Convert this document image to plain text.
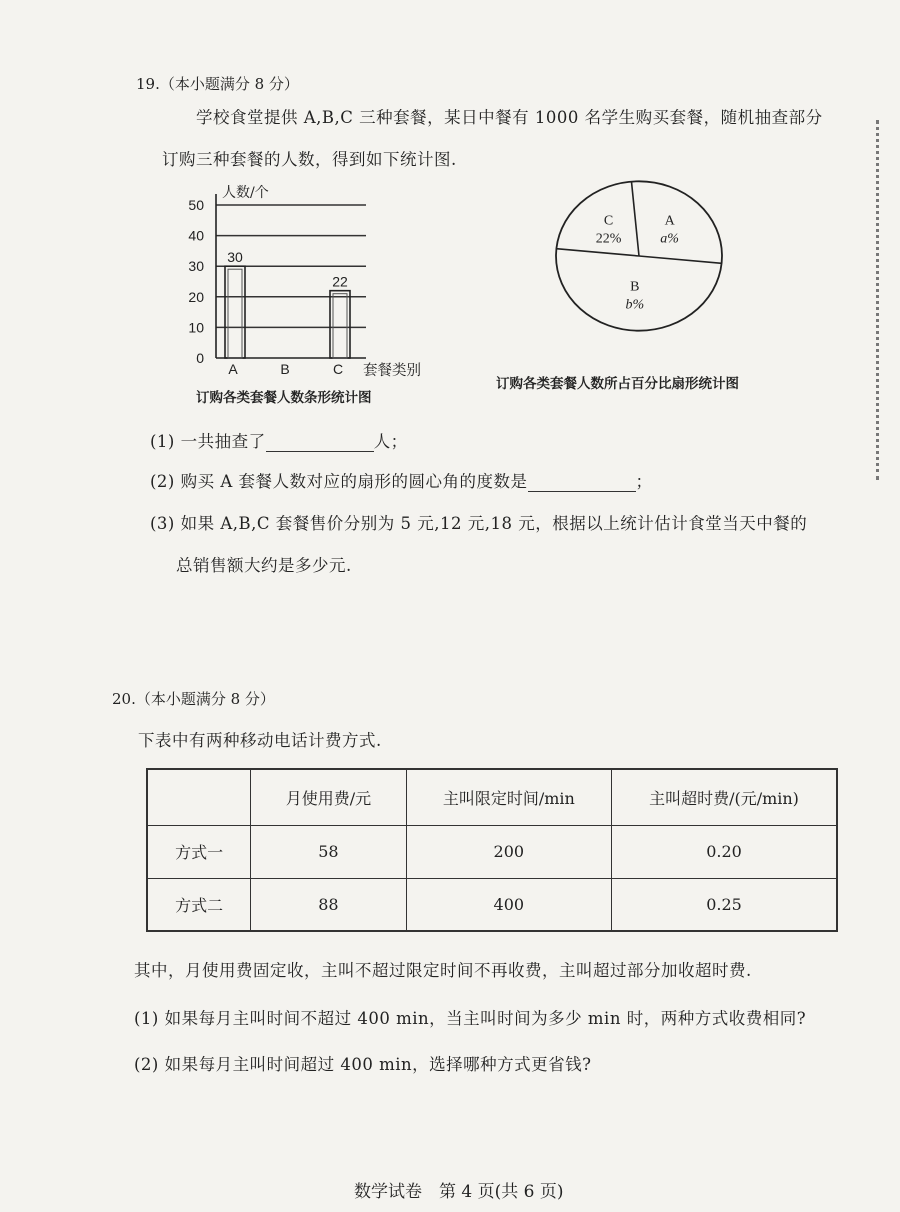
19.（本小题满分 8 分）
学校食堂提供 A,B,C 三种套餐，某日中餐有 1000 名学生购买套餐，随机抽查部分
订购三种套餐的人数，得到如下统计图.
0
10
20
30
40
50
30
22
A	B	C
人数/个
套餐类别
订购各类套餐人数条形统计图
A
a%
B
b%
C
22%
订购各类套餐人数所占百分比扇形统计图
(1) 一共抽查了	人；
(2) 购买 A 套餐人数对应的扇形的圆心角的度数是	；
(3) 如果 A,B,C 套餐售价分别为 5 元,12 元,18 元，根据以上统计估计食堂当天中餐的
总销售额大约是多少元.
20.（本小题满分 8 分）
下表中有两种移动电话计费方式.
	月使用费/元	主叫限定时间/min	主叫超时费/(元/min)
方式一	58	200	0.20
方式二	88	400	0.25
其中，月使用费固定收，主叫不超过限定时间不再收费，主叫超过部分加收超时费.
(1) 如果每月主叫时间不超过 400 min，当主叫时间为多少 min 时，两种方式收费相同?
(2) 如果每月主叫时间超过 400 min，选择哪种方式更省钱?
数学试卷　第 4 页(共 6 页)
